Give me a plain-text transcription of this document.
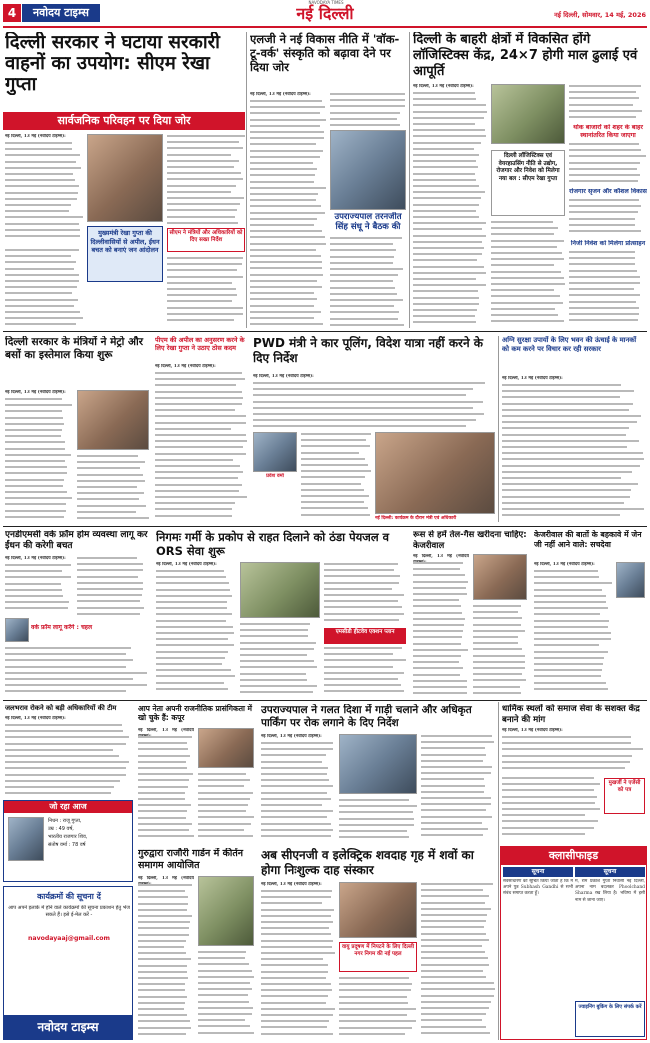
4	नवोदय टाइम्स
NAVODAYA TIMES
नई दिल्ली	नई दिल्ली, सोमवार, 14 मई, 2026
दिल्ली सरकार ने घटाया सरकारी वाहनों का उपयोग: सीएम रेखा गुप्ता
सार्वजनिक परिवहन पर दिया जोर
नई दिल्ली, 13 मई (नवोदय टाइम्स):
मुख्यमंत्री रेखा गुप्ता की दिल्लीवासियों से अपील, ईंधन बचत को बनाएं जन आंदोलन
सीएम ने मंत्रियों और अधिकारियों को दिए सख्त निर्देश
एलजी ने नई विकास नीति में 'वॉक-टू-वर्क' संस्कृति को बढ़ावा देने पर दिया जोर
नई दिल्ली, 13 मई (नवोदय टाइम्स):
उपराज्यपाल तरनजीत सिंह संधू ने बैठक की
दिल्ली के बाहरी क्षेत्रों में विकसित होंगे लॉजिस्टिक्स केंद्र, 24×7 होगी माल ढुलाई एवं आपूर्ति
नई दिल्ली, 13 मई (नवोदय टाइम्स):
दिल्ली लॉजिस्टिक्स एवं वेयरहाउसिंग नीति से उद्योग, रोजगार और निवेश को मिलेगा नया बल : सीएम रेखा गुप्ता
थोक बाजारों को शहर के बाहर स्थानांतरित किया जाएगा
रोजगार सृजन और कौशल विकास
निजी निवेश को मिलेगा प्रोत्साहन
दिल्ली सरकार के मंत्रियों ने मेट्रो और बसों का इस्तेमाल किया शुरू
नई दिल्ली, 13 मई (नवोदय टाइम्स):
पीएम की अपील का अनुसरण करने के लिए रेखा गुप्ता ने उठाए ठोस कदम
नई दिल्ली, 13 मई (नवोदय टाइम्स):
PWD मंत्री ने कार पूलिंग, विदेश यात्रा नहीं करने के दिए निर्देश
नई दिल्ली, 13 मई (नवोदय टाइम्स):
प्रवेश वर्मा
नई दिल्ली: कार्यक्रम के दौरान मंत्री एवं अधिकारी
अग्नि सुरक्षा उपायों के लिए भवन की ऊंचाई के मानकों को कम करने पर विचार कर रही सरकार
नई दिल्ली, 13 मई (नवोदय टाइम्स):
एनडीएमसी वर्क फ्रॉम होम व्यवस्था लागू कर ईंधन की करेगी बचत
नई दिल्ली, 13 मई (नवोदय टाइम्स):
वर्क फ्रॉम लागू करेंगे : चहल
निगमः गर्मी के प्रकोप से राहत दिलाने को ठंडा पेयजल व ORS सेवा शुरू
नई दिल्ली, 13 मई (नवोदय टाइम्स):
एमसीडी हीटवेव एक्शन प्लान
रूस से हमें तेल-गैस खरीदना चाहिए: केजरीवाल
नई दिल्ली, 13 मई (नवोदय
केजरीवाल की बातों के बहकावे में जेन जी नहीं आने वाले: सचदेवा
नई दिल्ली, 13 मई (नवोदय टाइम्स):
जलभराव रोकने को बड़ी अधिकारियों की टीम
नई दिल्ली, 13 मई (नवोदय टाइम्स):
आप नेता अपनी राजनीतिक प्रासंगिकता में खो चुके हैं: कपूर
नई दिल्ली, 13 मई (नवोदय
उपराज्यपाल ने गलत दिशा में गाड़ी चलाने और अधिकृत पार्किंग पर रोक लगाने के दिए निर्देश
नई दिल्ली, 13 मई (नवोदय टाइम्स):
धार्मिक स्थलों को समाज सेवा के सशक्त केंद्र बनाने की मांग
नई दिल्ली, 13 मई (नवोदय टाइम्स):
मुखर्जी ने एजेंसी को पत्र
जो रहा आज
निधन : राजू गुप्ता,
उम्र : 49 वर्ष,
भारतीय राजगार शिव,
संतोष वर्मा : 78 वर्ष
कार्यक्रमों की सूचना दें
आप अपने इलाके में होने वाले कार्यक्रमों की सूचना प्रकाशन हेतु भेज सकते हैं। इसे ई-मेल करें -
navodayaaj@gmail.com
नवोदय टाइम्स
गुरुद्वारा राजौरी गार्डन में कीर्तन समागम आयोजित
नई दिल्ली, 13 मई (नवोदय
अब सीएनजी व इलेक्ट्रिक शवदाह गृह में शवों का होगा निःशुल्क दाह संस्कार
नई दिल्ली, 13 मई (नवोदय टाइम्स):
वायु प्रदूषण में निपटने के लिए दिल्ली नगर निगम की नई पहल
क्लासीफाइड
सूचना	सूचना
सर्वसाधारण को सूचित किया जाता है कि मैं अपने पुत्र Subhash Gandhi से सभी संबंध समाप्त करता हूँ।
मैं, राम प्रकाश गुप्ता निवासी नई दिल्ली, अपना नाम बदलकर Phoolchand Sharma रख लिया है। भविष्य में इसी नाम से जाना जाए।
ज्वाइनिंग बुकिंग के लिए संपर्क करें
